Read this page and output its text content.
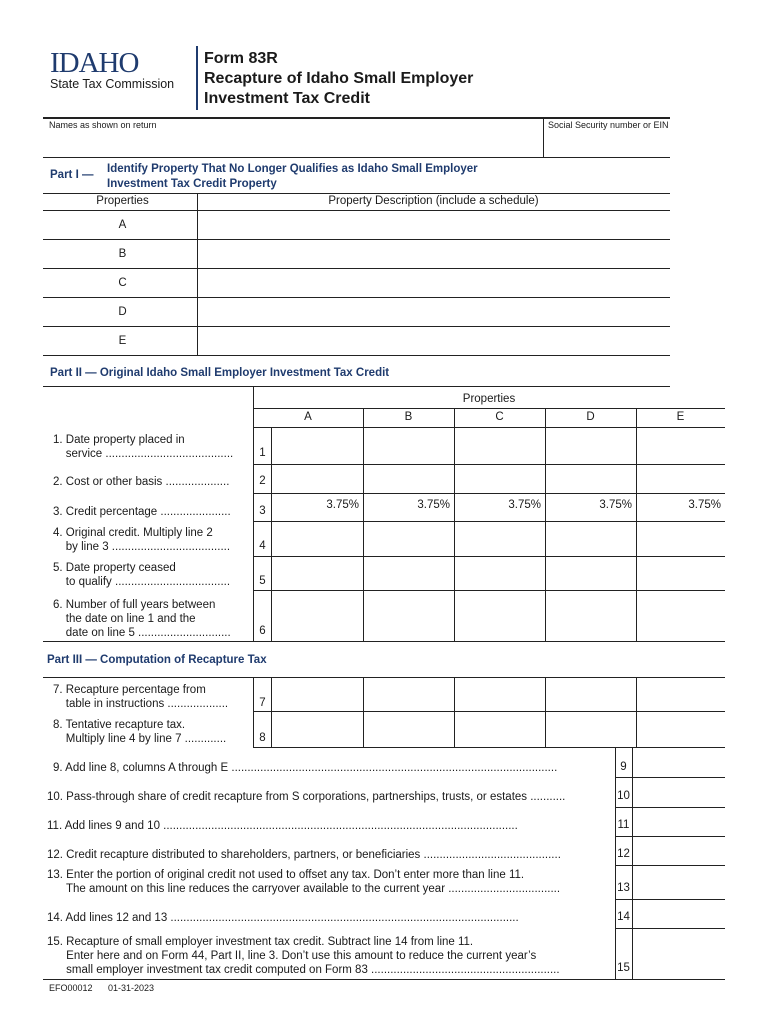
IDAHO
State Tax Commission
Form 83R
Recapture of Idaho Small Employer
Investment Tax Credit
Names as shown on return	Social Security number or EIN
Part I — Identify Property That No Longer Qualifies as Idaho Small Employer
Investment Tax Credit Property
Properties	Property Description (include a schedule)
A
B
C
D
E
Part II — Original Idaho Small Employer Investment Tax Credit
Properties
A	B	C	D	E
1. Date property placed in
service ........................................	1
2. Cost or other basis ....................	2
3. Credit percentage ......................	3	3.75%	3.75%	3.75%	3.75%	3.75%
4. Original credit. Multiply line 2
by line 3 .....................................	4
5. Date property ceased
to qualify ....................................	5
6. Number of full years between
the date on line 1 and the
date on line 5 .............................	6
Part III — Computation of Recapture Tax
7. Recapture percentage from
table in instructions ...................	7
8. Tentative recapture tax.
Multiply line 4 by line 7 .............	8
9. Add line 8, columns A through E ......................................................................................................	9
10. Pass-through share of credit recapture from S corporations, partnerships, trusts, or estates ...........	10
11. Add lines 9 and 10 ...............................................................................................................	11
12. Credit recapture distributed to shareholders, partners, or beneficiaries ...........................................	12
13. Enter the portion of original credit not used to offset any tax. Don’t enter more than line 11.
The amount on this line reduces the carryover available to the current year ...................................	13
14. Add lines 12 and 13 .............................................................................................................	14
15. Recapture of small employer investment tax credit. Subtract line 14 from line 11.
Enter here and on Form 44, Part II, line 3. Don’t use this amount to reduce the current year’s
small employer investment tax credit computed on Form 83 ...........................................................	15
EFO00012 01-31-2023
